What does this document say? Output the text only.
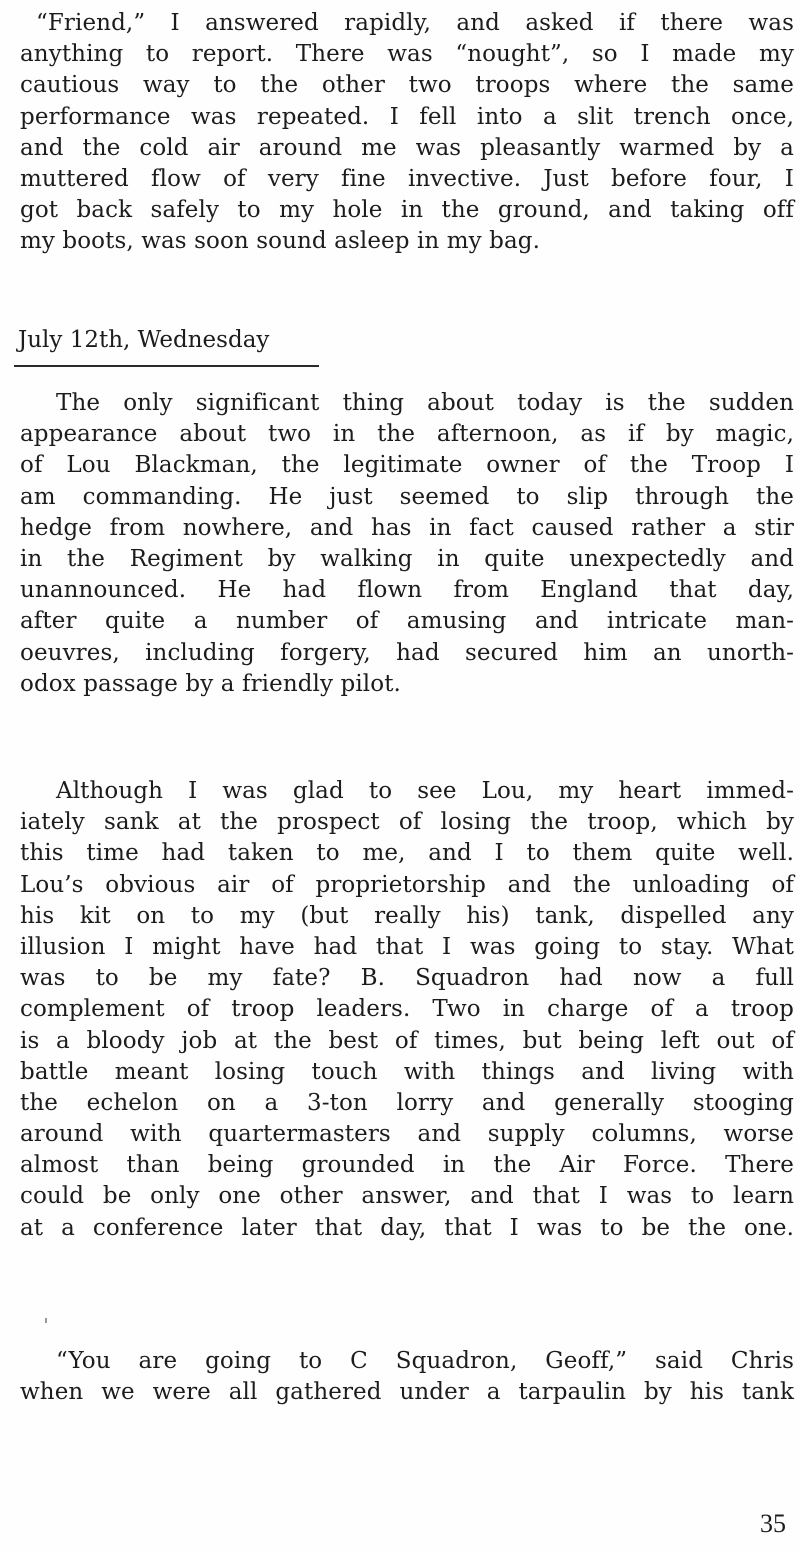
“Friend,” I answered rapidly, and asked if there was
anything to report. There was “nought”, so I made my
cautious way to the other two troops where the same
performance was repeated. I fell into a slit trench once,
and the cold air around me was pleasantly warmed by a
muttered flow of very fine invective. Just before four, I
got back safely to my hole in the ground, and taking off
my boots, was soon sound asleep in my bag.
July 12th, Wednesday
The only significant thing about today is the sudden
appearance about two in the afternoon, as if by magic,
of Lou Blackman, the legitimate owner of the Troop I
am commanding. He just seemed to slip through the
hedge from nowhere, and has in fact caused rather a stir
in the Regiment by walking in quite unexpectedly and
unannounced. He had flown from England that day,
after quite a number of amusing and intricate man-
oeuvres, including forgery, had secured him an unorth-
odox passage by a friendly pilot.
Although I was glad to see Lou, my heart immed-
iately sank at the prospect of losing the troop, which by
this time had taken to me, and I to them quite well.
Lou’s obvious air of proprietorship and the unloading of
his kit on to my (but really his) tank, dispelled any
illusion I might have had that I was going to stay. What
was to be my fate? B. Squadron had now a full
complement of troop leaders. Two in charge of a troop
is a bloody job at the best of times, but being left out of
battle meant losing touch with things and living with
the echelon on a 3-ton lorry and generally stooging
around with quartermasters and supply columns, worse
almost than being grounded in the Air Force. There
could be only one other answer, and that I was to learn
at a conference later that day, that I was to be the one.
“You are going to C Squadron, Geoff,” said Chris
when we were all gathered under a tarpaulin by his tank
35
